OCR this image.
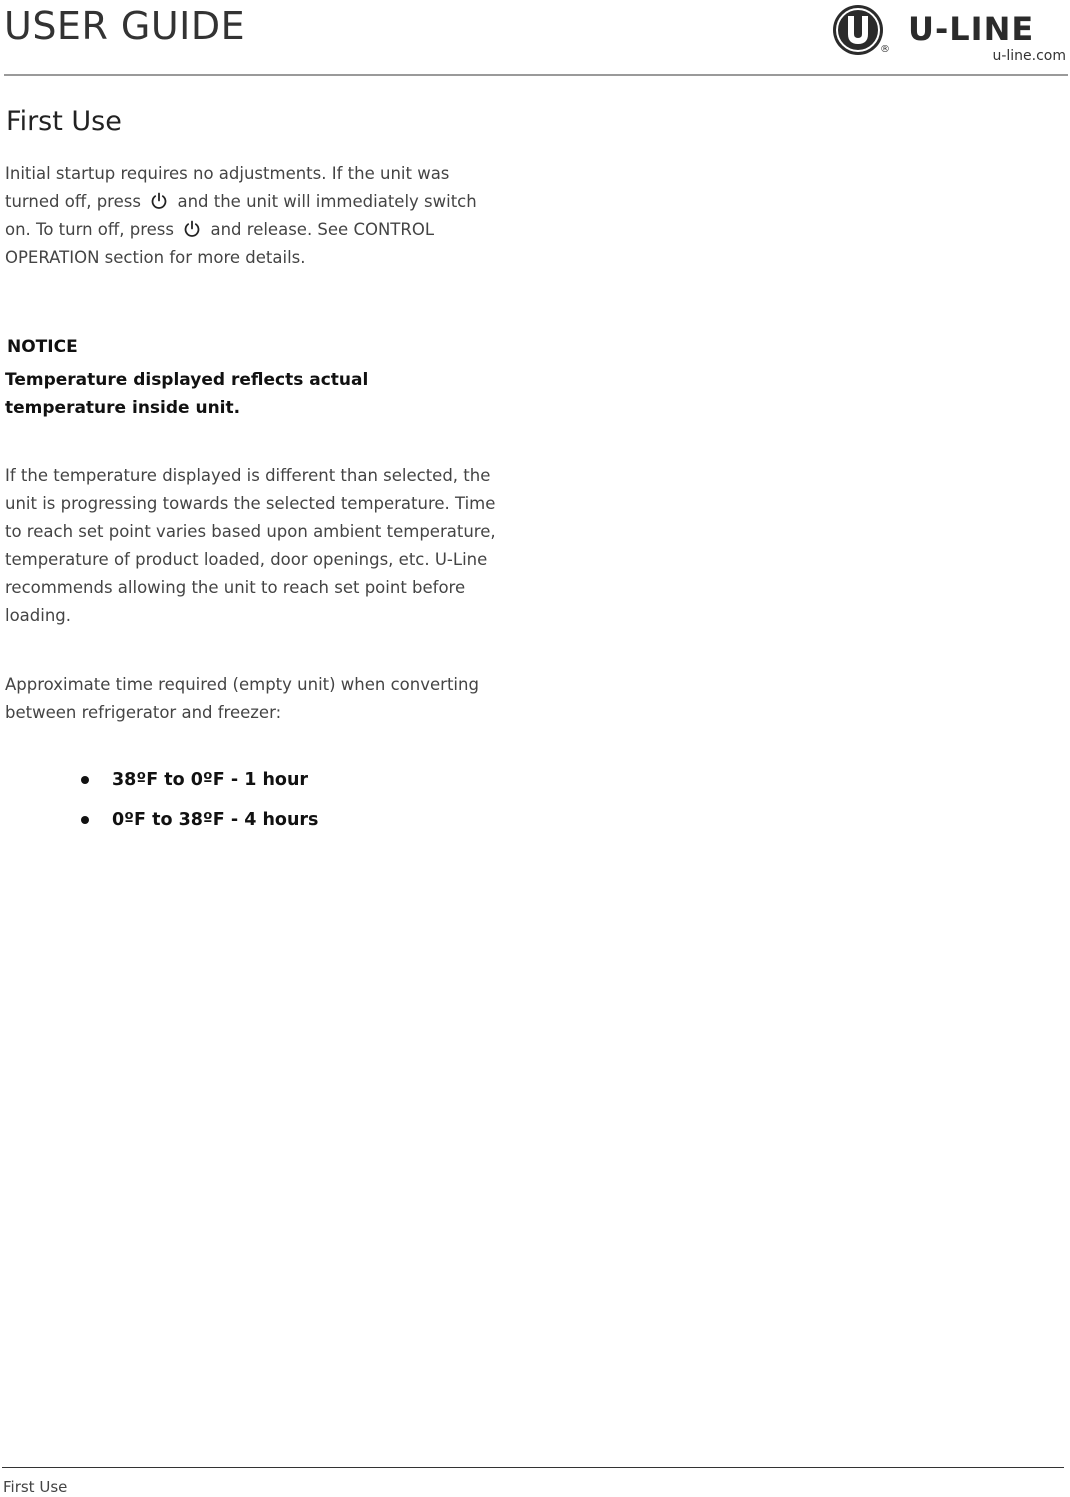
USER GUIDE
®
U-LINE
u-line.com
First Use
Initial startup requires no adjustments. If the unit was turned off, press and the unit will immediately switch on. To turn off, press and release. See CONTROL OPERATION section for more details.
NOTICE
Temperature displayed reflects actual temperature inside unit.
If the temperature displayed is different than selected, the unit is progressing towards the selected temperature. Time to reach set point varies based upon ambient temperature, temperature of product loaded, door openings, etc. U-Line recommends allowing the unit to reach set point before loading.
Approximate time required (empty unit) when converting between refrigerator and freezer:
38ºF to 0ºF - 1 hour
0ºF to 38ºF - 4 hours
First Use
